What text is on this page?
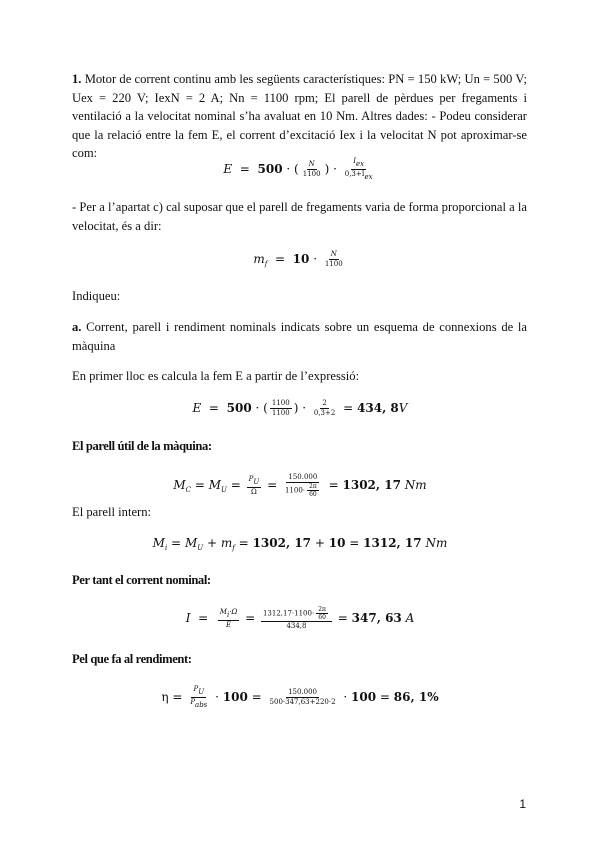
1. Motor de corrent continu amb les següents característiques: PN = 150 kW; Un = 500 V; Uex = 220 V; IexN = 2 A; Nn = 1100 rpm; El parell de pèrdues per fregaments i ventilació a la velocitat nominal s’ha avaluat en 10 Nm. Altres dades: - Podeu considerar que la relació entre la fem E, el corrent d’excitació Iex i la velocitat N pot aproximar-se com:
E = 500 · ( $\frac{N}{1100}$ ) · $\frac{\text{Iex}}{\text{0,3+Iex}}$
- Per a l’apartat c) cal suposar que el parell de fregaments varia de forma proporcional a la velocitat, és a dir:
$m_f = 10 \cdot \frac{N}{1100}$
Indiqueu:
a. Corrent, parell i rendiment nominals indicats sobre un esquema de connexions de la màquina
En primer lloc es calcula la fem E a partir de l’expressió:
E = 500 · ( $\frac{1100}{1100}$ ) · $\frac{2}{0,3+2} = 434$, 8V
El parell útil de la màquina:
$M_C = M_U = \frac{PU}{\Omega} = \frac{150.000}{1100\cdot \frac{2\pi}{60}} = 1302$, 17 Nm
El parell intern:
$M_i = M_U + m_f = 1302$, 17 + 10 = 1312, 17 Nm
Per tant el corrent nominal:
$I = \frac{Mi\cdot\Omega}{E} = \frac{1312,17\cdot 1100\cdot \frac{2\pi}{60}}{434,8} = 347$, 63 A
Pel que fa al rendiment:
$\eta = \frac{PU}{\text{Pabs}} \cdot 100 = \frac{150.000}{500\cdot 347,63+220\cdot 2} \cdot 100 = 86$, 1%
1
